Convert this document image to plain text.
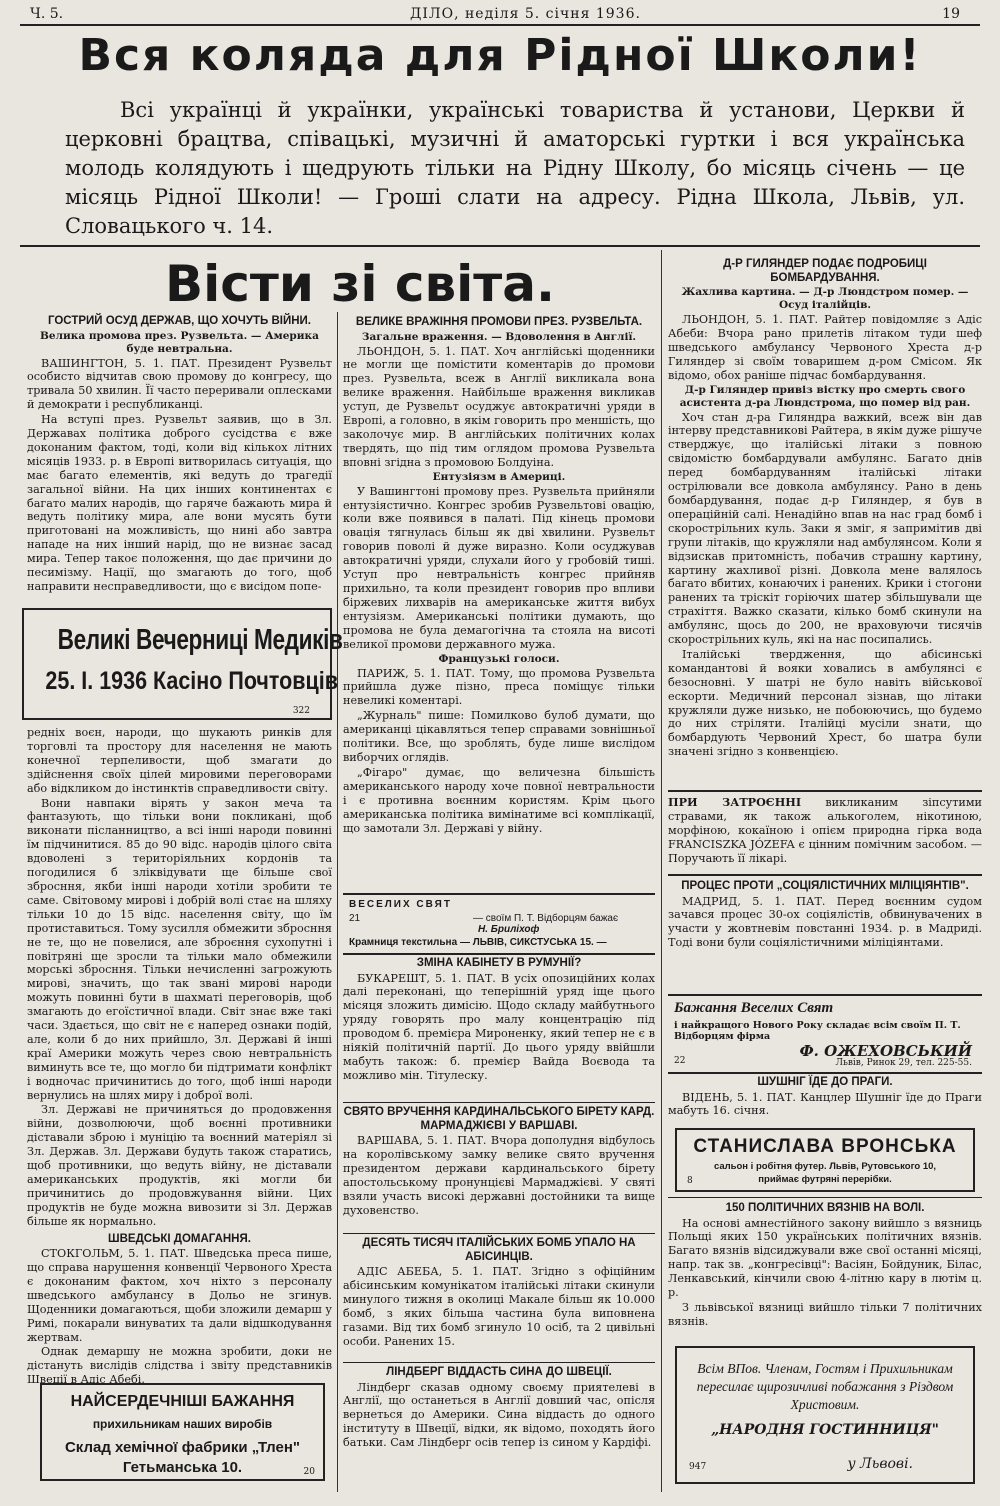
Ч. 5.	ДІЛО, неділя 5. січня 1936.	19
Вся коляда для Рідної Школи!
Всі українці й українки, українські товариства й установи, Церкви й церковні брацтва, співацькі, музичні й аматорські гуртки і вся українська молодь колядують і щедрують тільки на Рідну Школу, бо місяць січень — це місяць Рідної Школи! — Гроші слати на адресу. Рідна Школа, Львів, ул. Словацького ч. 14.
Вісти зі світа.

ГОСТРИЙ ОСУД ДЕРЖАВ, ЩО ХОЧУТЬ ВІЙНИ.

Велика промова през. Рузвельта. — Америка буде невтральна.

ВАШИНГТОН, 5. 1. ПАТ. Президент Рузвельт особисто відчитав свою промову до конгресу, що тривала 50 хвилин. Її часто переривали оплесками й демократи і республиканці.

На вступі през. Рузвельт заявив, що в Зл. Державах політика доброго сусідства є вже доконаним фактом, тоді, коли від кількох літних місяців 1933. р. в Европі витворилась ситуація, що має багато елементів, які ведуть до трагедії загальної війни. На цих інших континентах є багато малих народів, що гаряче бажають мира й ведуть політику мира, але вони мусять бути приготовані на можливість, що нині або завтра нападе на них інший нарід, що не визнає засад мира. Тепер такоє положення, що дає причини до песимізму. Нації, що змагають до того, щоб направити несправедливости, що є висідом попе-

Великі Вечерниці Медиків
25. І. 1936 Касіно Почтовців
322

редніх воєн, народи, що шукають ринків для торговлі та простору для населення не мають конечної терпеливости, щоб змагати до здійснення своїх цілей мировими переговорами або відкликом до інстинктів справедливости світу.

Вони навпаки вірять у закон меча та фантазують, що тільки вони покликані, щоб виконати післанництво, а всі інші народи повинні їм підчинитися. 85 до 90 відс. народів цілого світа вдоволені з територіяльних кордонів та погодилися б зліквідувати ще більше свої збросння, якби інші народи хотіли зробити те саме. Світовому мирові і добрій волі стає на шляху тільки 10 до 15 відс. населення світу, що їм протиставиться. Тому зусилля обмежити збросння не те, що не повелися, але зброєння сухопутні і повітряні ще зросли та тільки мало обмежили морські збросння. Тільки нечисленні загрожують мирові, значить, що так звані мирові народи можуть повинні бути в шахматі переговорів, щоб змагають до егоїстичної влади. Світ знає вже такі часи. Здається, що світ не є наперед ознаки подій, але, коли б до них прийшло, Зл. Державі й інші краї Америки можуть через свою невтральність виминуть все те, що могло би підтримати конфлікт і водночас причинитись до того, щоб інші народи вернулись на шлях миру і доброї волі.

Зл. Державі не причиняться до продовження війни, дозволюючи, щоб воєнні противники діставали зброю і муніцію та воєнний матеріял зі Зл. Держав. Зл. Держави будуть також старатись, щоб противники, що ведуть війну, не діставали американських продуктів, які могли би причинитись до продовжування війни. Цих продуктів не буде можна вивозити зі Зл. Держав більше як нормально.

ШВЕДСЬКІ ДОМАГАННЯ.

СТОКГОЛЬМ, 5. 1. ПАТ. Шведська преса пише, що справа нарушення конвенції Червоного Хреста є доконаним фактом, хоч ніхто з персоналу шведського амбулансу в Дольо не згинув. Щоденники домагаються, щоби зложили демарш у Римі, покарали винуватих та дали відшкодування жертвам.

Однак демаршу не можна зробити, доки не дістануть вислідів слідства і звіту представників Швеції в Адіс Абебі.

НАЙСЕРДЕЧНІШІ БАЖАННЯ
прихильникам наших виробів
Склад хемічної фабрики „Тлен"
Гетьманська 10.	20

ВЕЛИКЕ ВРАЖІННЯ ПРОМОВИ ПРЕЗ. РУЗВЕЛЬТА.

Загальне враження. — Вдоволення в Англії.

ЛЬОНДОН, 5. 1. ПАТ. Хоч англійські щоденники не могли ще помістити коментарів до промови през. Рузвельта, всеж в Англії викликала вона велике враження. Найбільше враження викликав уступ, де Рузвельт осуджує автократичні уряди в Европі, а головно, в якім говорить про меншість, що заколочує мир. В англійських політичних колах твердять, що під тим оглядом промова Рузвельта вповні згідна з промовою Болдуіна.

Ентузіязм в Америці.

У Вашингтоні промову през. Рузвельта прийняли ентузіястично. Конгрес зробив Рузвельтові овацію, коли вже появився в палаті. Під кінець промови овація тягнулась більш як дві хвилини. Рузвельт говорив поволі й дуже виразно. Коли осуджував автократичні уряди, слухали його у гробовій тиші. Уступ про невтральність конгрес прийняв прихильно, та коли президент говорив про впливи біржевих лихварів на американське життя вибух ентузіязм. Американські політики думають, що промова не була демагогічна та стояла на висоті великої промови державного мужа.

Французькі голоси.

ПАРИЖ, 5. 1. ПАТ. Тому, що промова Рузвельта прийшла дуже пізно, преса поміщує тільки невеликі коментарі.

„Журналь" пише: Помилково булоб думати, що американці цікавляться тепер справами зовнішньої політики. Все, що зроблять, буде лише вислідом виборчих оглядів.

„Фігаро" думає, що величезна більшість американського народу хоче повної невтральности і є противна воєнним користям. Крім цього американська політика вимінатиме всі комплікації, що замотали Зл. Державі у війну.

ВЕСЕЛИХ СВЯТ
21	— своїм П. Т. Відборцям бажає
Н. Бриліхоф
Крамниця текстильна — ЛЬВІВ, СИКСТУСЬКА 15. —

ЗМІНА КАБІНЕТУ В РУМУНІЇ?

БУКАРЕШТ, 5. 1. ПАТ. В усіх опозиційних колах далі переконані, що теперішній уряд іще цього місяця зложить димісію. Щодо складу майбутнього уряду говорять про малу концентрацію під проводом б. премієра Мироненку, який тепер не є в ніякій політичній партії. До цього уряду ввійшли мабуть також: б. премієр Вайда Воєвода та можливо мін. Тітулеску.

СВЯТО ВРУЧЕННЯ КАРДИНАЛЬСЬКОГО БІРЕТУ КАРД. МАРМАДЖІЄВІ У ВАРШАВІ.

ВАРШАВА, 5. 1. ПАТ. Вчора дополудня відбулось на королівському замку велике свято вручення президентом держави кардинальського бірету апостольському пронунцієві Мармаджієві. У святі взяли участь високі державні достойники та вище духовенство.

ДЕСЯТЬ ТИСЯЧ ІТАЛІЙСЬКИХ БОМБ УПАЛО НА АБІСИНЦІВ.

АДІС АБЕБА, 5. 1. ПАТ. Згідно з офіційним абісинським комунікатом італійські літаки скинули минулого тижня в околиці Макале більш як 10.000 бомб, з яких більша частина була виповнена газами. Від тих бомб згинуло 10 осіб, та 2 цивільні особи. Ранених 15.

ЛІНДБЕРГ ВІДДАСТЬ СИНА ДО ШВЕЦІЇ.

Ліндберг сказав одному своєму приятелеві в Англії, що останеться в Англії довший час, опісля вернеться до Америки. Сина віддасть до одного інституту в Швеції, відки, як відомо, походять його батьки. Сам Ліндберг осів тепер із сином у Кардіфі.

Д-Р ГИЛЯНДЕР ПОДАЄ ПОДРОБИЦІ БОМБАРДУВАННЯ.

Жахлива картина. — Д-р Люндстром помер. — Осуд італійців.

ЛЬОНДОН, 5. 1. ПАТ. Райтер повідомляє з Адіс Абеби: Вчора рано прилетів літаком туди шеф шведського амбулансу Червоного Хреста д-р Гиляндер зі своїм товаришем д-ром Смісом. Як відомо, обох раніше підчас бомбардування.

Д-р Гиляндер привіз вістку про смерть свого асистента д-ра Люндстрома, що помер від ран.

Хоч стан д-ра Гиляндра важкий, всеж він дав інтерву представникові Райтера, в якім дуже рішуче стверджує, що італійські літаки з повною свідомістю бомбардували амбулянс. Багато днів перед бомбардуванням італійські літаки острілювали все довкола амбулянсу. Рано в день бомбардування, подає д-р Гиляндер, я був в операційній салі. Ненадійно впав на нас град бомб і скорострільних куль. Заки я зміг, я запримітив дві групи літаків, що кружляли над амбулянсом. Коли я відзискав притомність, побачив страшну картину, картину жахливої різні. Довкола мене валялось багато вбитих, конаючих і ранених. Крики і стогони ранених та тріскіт горіючих шатер збільшували ще страхіття. Важко сказати, кілько бомб скинули на амбулянс, щось до 200, не враховуючи тисячів скорострільних куль, які на нас посипались.

Італійські твердження, що абісинські командантові й вояки ховались в амбулянсі є безосновні. У шатрі не було навіть військової ескорти. Медичний персонал зізнав, що літаки кружляли дуже низько, не побоюючись, що будемо до них стріляти. Італійці мусіли знати, що бомбардують Червоний Хрест, бо шатра були значені згідно з конвенцією.

ПРИ ЗАТРОЄННІ викликаним зіпсутими стравами, як також алькоголем, нікотиною, морфіною, кокаїною і опієм природна гірка вода FRANCISZKA JÓZEFA є цінним помічним засобом. — Поручають її лікарі.

ПРОЦЕС ПРОТИ „СОЦІЯЛІСТИЧНИХ МІЛІЦІЯНТІВ".

МАДРИД, 5. 1. ПАТ. Перед воєнним судом зачався процес 30-ох соціялістів, обвинувачених в участи у жовтневім повстанні 1934. р. в Мадриді. Тоді вони були соціялістичними міліціянтами.

Бажання Веселих Свят
і найкращого Нового Року складає всім своїм П. Т. Відборцям фірма
Ф. ОЖЕХОВСЬКИЙ
Львів, Ринок 29, тел. 225-55.
22

ШУШНІГ ЇДЕ ДО ПРАГИ.

ВІДЕНЬ, 5. 1. ПАТ. Канцлер Шушніг їде до Праги мабуть 16. січня.

СТАНИСЛАВА ВРОНСЬКА
сальон і робітня футер. Львів, Рутовського 10,
приймає футряні перерібки.
8

150 ПОЛІТИЧНИХ ВЯЗНІВ НА ВОЛІ.

На основі амнестійного закону вийшло з вязниць Польщі яких 150 українських політичних вязнів. Багато вязнів відсиджували вже свої останні місяці, напр. так зв. „конгресівці": Васіян, Бойдуник, Білас, Ленкавський, кінчили свою 4-літню кару в лютім ц. р.

З львівської вязниці вийшло тільки 7 політичних вязнів.

Всім ВПов. Членам, Гостям і Прихильникам пересилає щирозичливі побажання з Різдвом Христовим.
„НАРОДНЯ ГОСТИННИЦЯ"
у Львові.
947
